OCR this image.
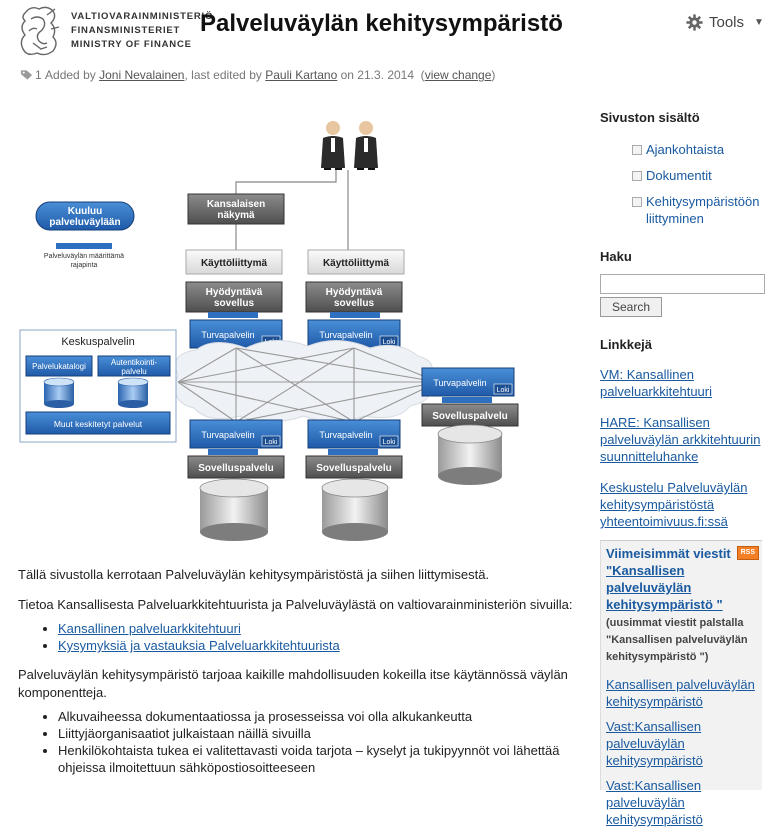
VALTIOVARAINMINISTERIÖ
FINANSMINISTERIET
MINISTRY OF FINANCE
Palveluväylän kehitysympäristö	Tools ▼
1
Added by
Joni Nevalainen , last edited by
Pauli Kartano
on 21.3. 2014 ( view change )
Kuuluu palveluväylään
Palveluväylän määrittämä rajapinta
Kansalaisen näkymä
Käyttöliittymä
Hyödyntävä sovellus
Turvapalvelin
Käyttöliittymä
Hyödyntävä sovellus
Turvapalvelin
Loki
Keskuspalvelin
Palvelukatalogi	Autentikointi-palvelu
Muut keskitetyt palvelut
Turvapalvelin
Loki
Sovelluspalvelu
Turvapalvelin
Loki
Sovelluspalvelu
Turvapalvelin
Loki
Sovelluspalvelu

Tällä sivustolla kerrotaan Palveluväylän kehitysympäristöstä ja siihen liittymisestä.

Tietoa Kansallisesta Palveluarkkitehtuurista ja Palveluväylästä on valtiovarainministeriön sivuilla:

• Kansallinen palveluarkkitehtuuri
• Kysymyksiä ja vastauksia Palveluarkkitehtuurista

Palveluväylän kehitysympäristö tarjoaa kaikille mahdollisuuden kokeilla itse käytännössä väylän komponentteja.

• Alkuvaiheessa dokumentaatiossa ja prosesseissa voi olla alkukankeutta
• Liittyjäorganisaatiot julkaistaan näillä sivuilla
• Henkilökohtaista tukea ei valitettavasti voida tarjota – kyselyt ja tukipyynnöt voi lähettää ohjeissa ilmoitettuun sähköpostiosoitteeseen
Sivuston sisältö
Ajankohtaista
Dokumentit
Kehitysympäristöön liittyminen
Haku
Search
Linkkejä
VM: Kansallinen palveluarkkitehtuuri
HARE: Kansallisen palveluväylän arkkitehtuurin suunnitteluhanke
Keskustelu Palveluväylän kehitysympäristöstä yhteentoimivuus.fi:ssä
Viimeisimmät viestit	RSS

"Kansallisen palveluväylän kehitysympäristö "
(uusimmat viestit palstalla "Kansallisen palveluväylän kehitysympäristö ")
Kansallisen palveluväylän kehitysympäristö
Vast:Kansallisen palveluväylän kehitysympäristö
Vast:Kansallisen palveluväylän kehitysympäristö
